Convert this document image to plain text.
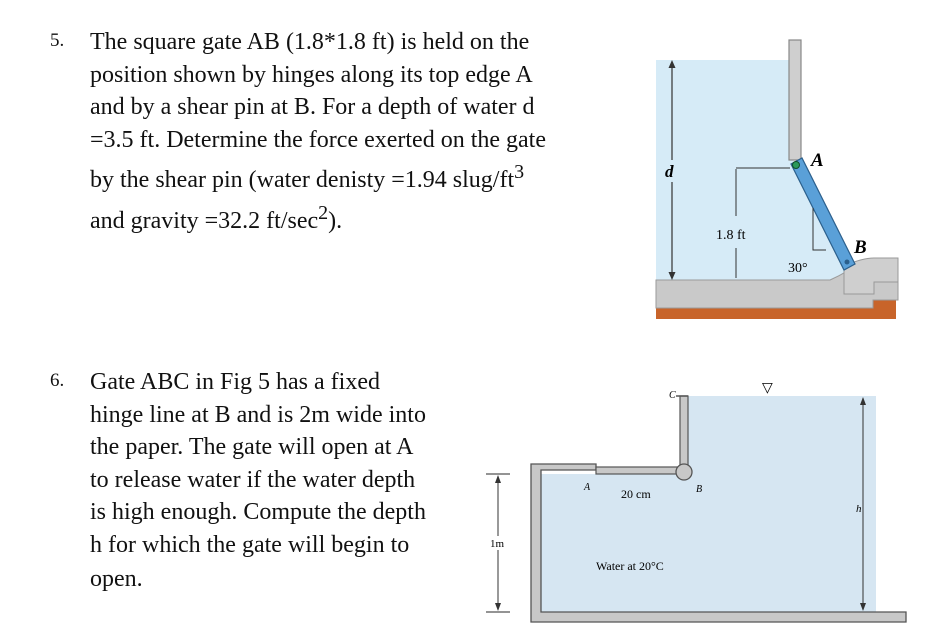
5. The square gate AB (1.8*1.8 ft) is held on the
position shown by hinges along its top edge A
and by a shear pin at B. For a depth of water d
=3.5 ft. Determine the force exerted on the gate
by the shear pin (water denisty =1.94 slug/$ft^3$
and gravity =32.2 $ft/\sec^2$).
d
1.8 ft
30°
A
B
6. Gate ABC in Fig 5 has a fixed
hinge line at B and is 2m wide into
the paper. The gate will open at A
to release water if the water depth
is high enough. Compute the depth
h for which the gate will begin to
open.
C
A	B
20 cm
Water at 20°C
▽
1m
h
